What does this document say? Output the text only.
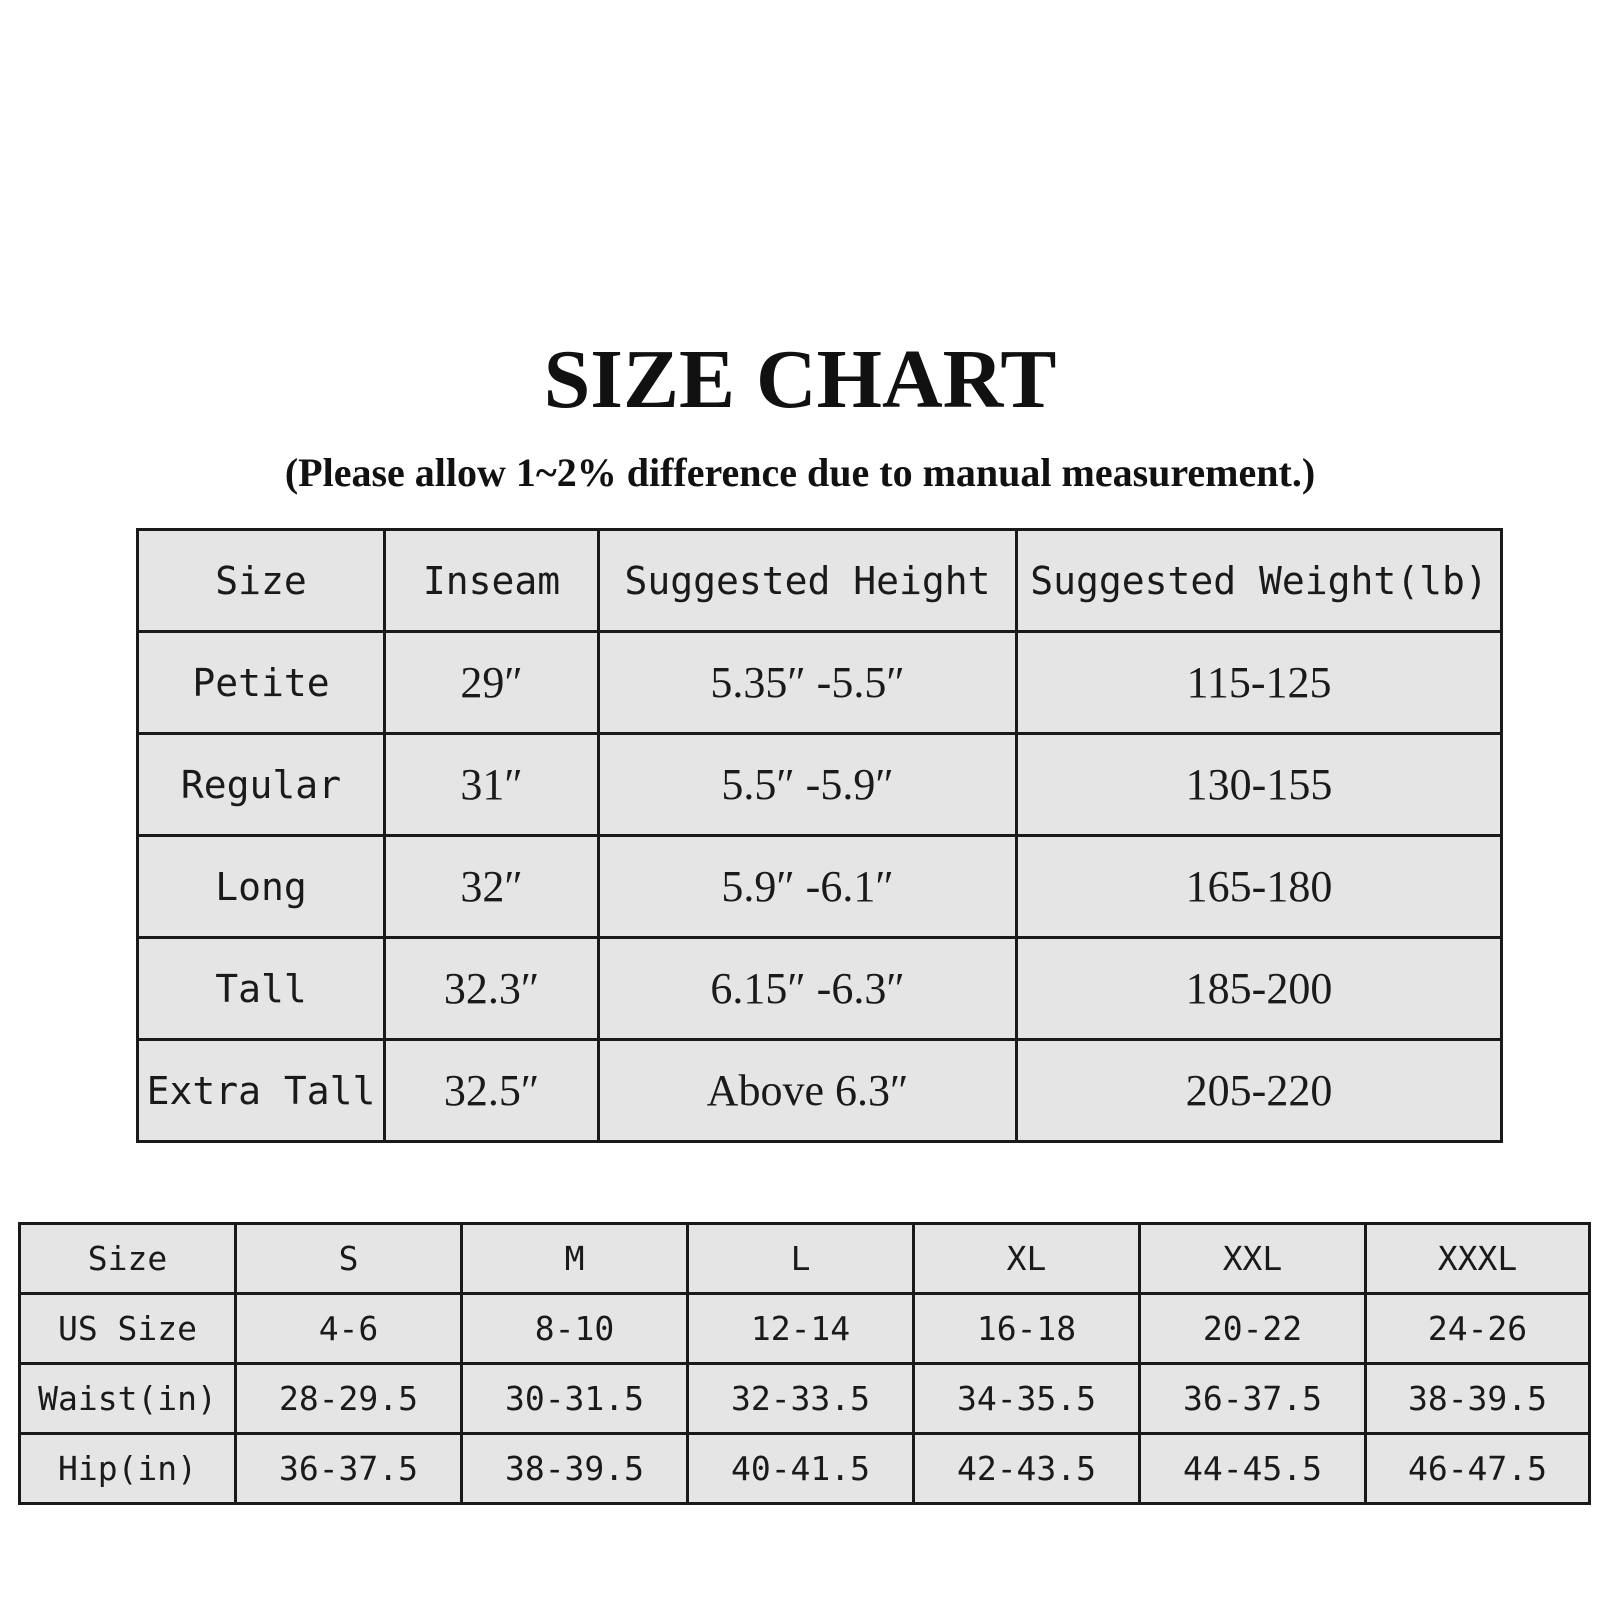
SIZE CHART

(Please allow 1~2% difference due to manual measurement.)

Size	Inseam	Suggested Height	Suggested Weight(lb)
Petite	29″	5.35″ -5.5″	115-125
Regular	31″	5.5″ -5.9″	130-155
Long	32″	5.9″ -6.1″	165-180
Tall	32.3″	6.15″ -6.3″	185-200
Extra Tall	32.5″	Above 6.3″	205-220
Size	S	M	L	XL	XXL	XXXL
US Size	4-6	8-10	12-14	16-18	20-22	24-26
Waist(in)	28-29.5	30-31.5	32-33.5	34-35.5	36-37.5	38-39.5
Hip(in)	36-37.5	38-39.5	40-41.5	42-43.5	44-45.5	46-47.5
